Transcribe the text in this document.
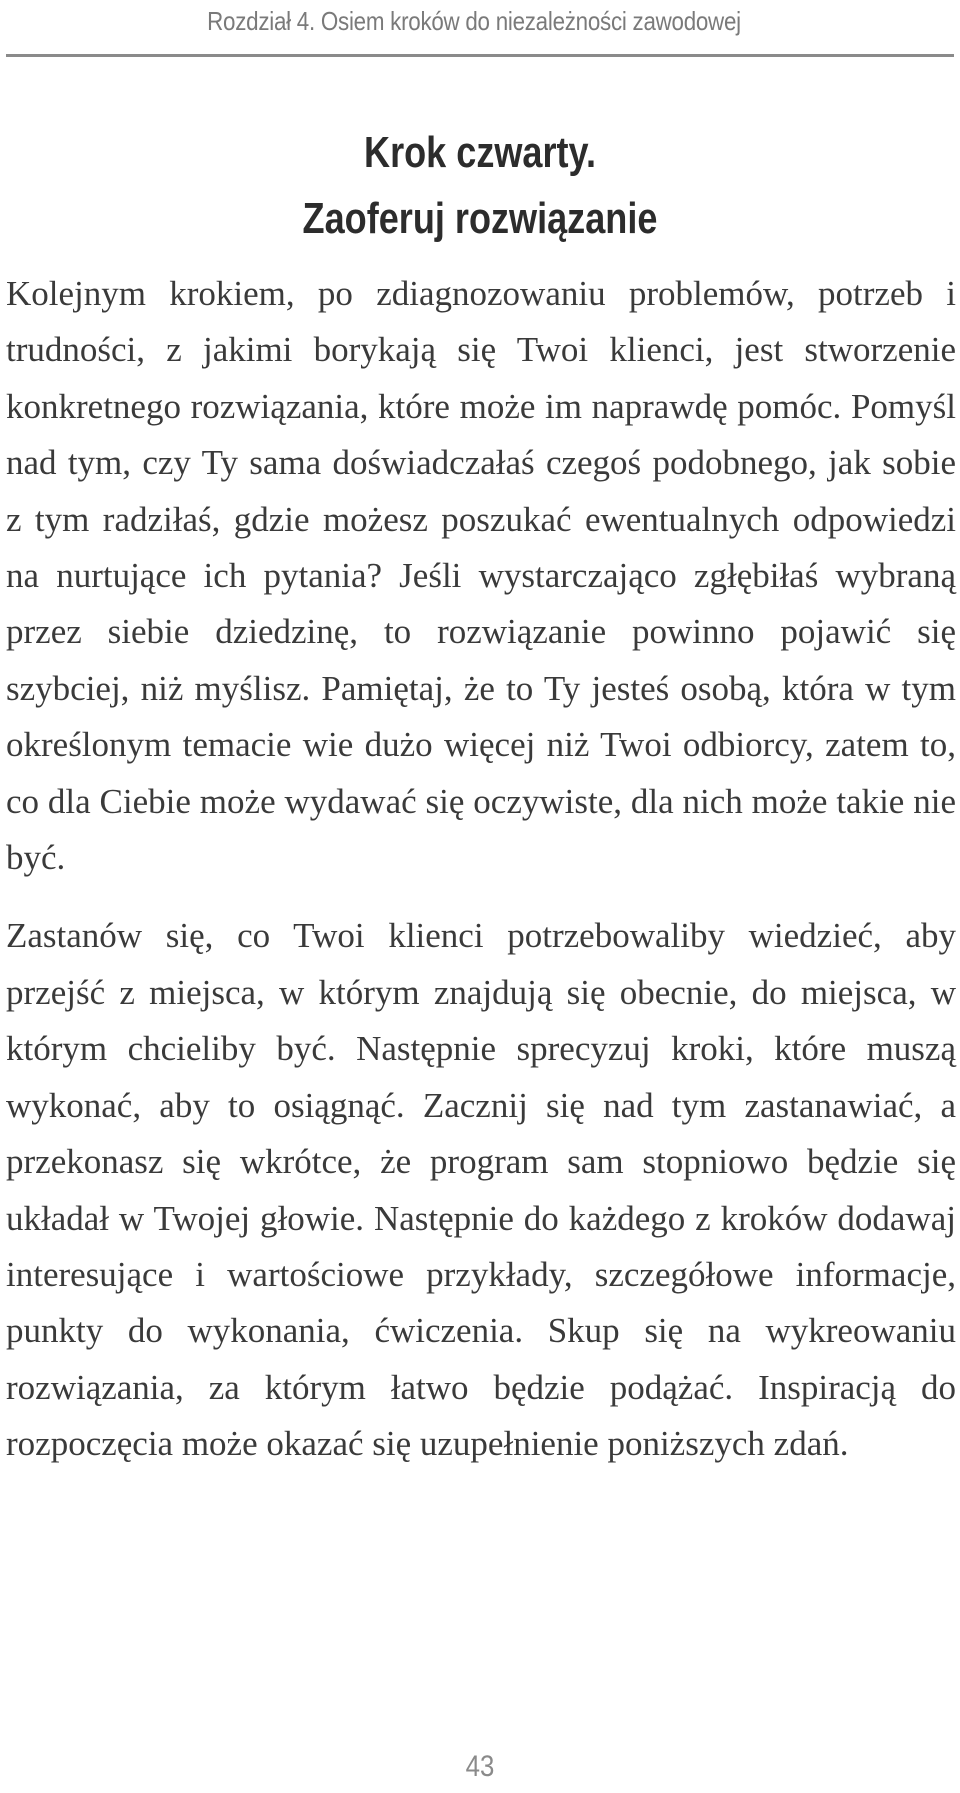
Rozdział 4. Osiem kroków do niezależności zawodowej
Krok czwarty.
Zaoferuj rozwiązanie

Kolejnym krokiem, po zdiagnozowaniu problemów, potrzeb i trudności, z jakimi borykają się Twoi klienci, jest stworzenie konkretnego rozwiązania, które może im naprawdę pomóc. Pomyśl nad tym, czy Ty sama doświadczałaś czegoś podobnego, jak sobie z tym radziłaś, gdzie możesz poszukać ewentualnych odpowiedzi na nurtujące ich pytania? Jeśli wystarczająco zgłębiłaś wybraną przez siebie dziedzinę, to rozwiązanie powinno pojawić się szybciej, niż myślisz. Pamiętaj, że to Ty jesteś osobą, która w tym określonym temacie wie dużo więcej niż Twoi odbiorcy, zatem to, co dla Ciebie może wydawać się oczywiste, dla nich może takie nie być.

Zastanów się, co Twoi klienci potrzebowaliby wiedzieć, aby przejść z miejsca, w którym znajdują się obecnie, do miejsca, w którym chcieliby być. Następnie sprecyzuj kroki, które muszą wykonać, aby to osiągnąć. Zacznij się nad tym zastanawiać, a przekonasz się wkrótce, że program sam stopniowo będzie się układał w Twojej głowie. Następnie do każdego z kroków dodawaj interesujące i wartościowe przykłady, szczegółowe informacje, punkty do wykonania, ćwiczenia. Skup się na wykreowaniu rozwiązania, za którym łatwo będzie podążać. Inspiracją do rozpoczęcia może okazać się uzupełnienie poniższych zdań.

43
